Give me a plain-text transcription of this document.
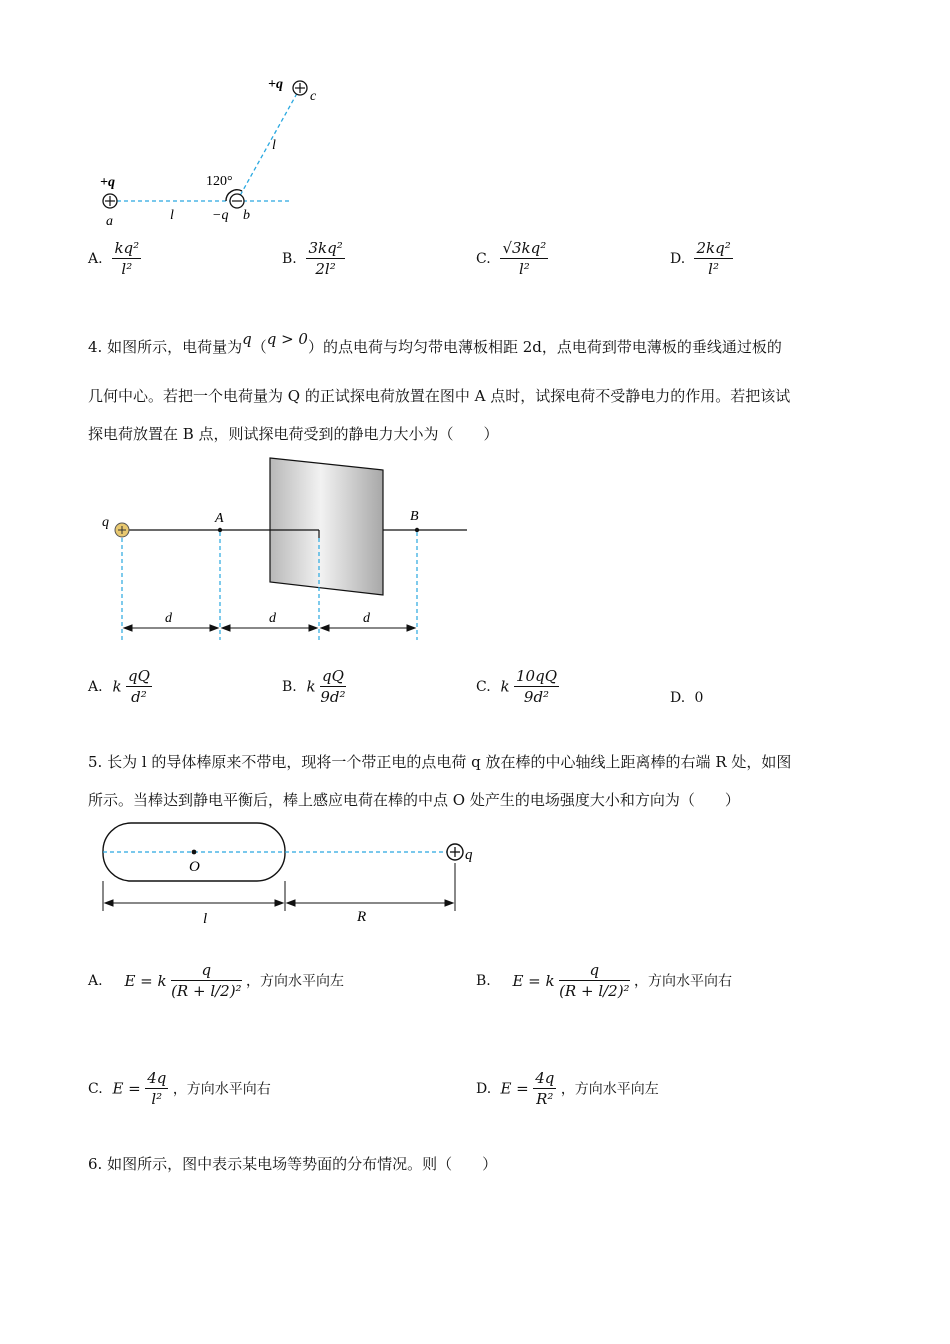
+q
c
l
120°
+q
a	l	−q b
A. $\frac{\text{kq²}}{\text{l²}}$	B. $\frac{\text{3kq²}}{\text{2l²}}$	C. $\frac{\text{√3kq²}}{\text{l²}}$	D. $\frac{\text{2kq²}}{\text{l²}}$
4. 如图所示，电荷量为q（q > 0）的点电荷与均匀带电薄板相距 2d，点电荷到带电薄板的垂线通过板的
几何中心。若把一个电荷量为 Q 的正试探电荷放置在图中 A 点时，试探电荷不受静电力的作用。若把该试
探电荷放置在 B 点，则试探电荷受到的静电力大小为（　　）
q	A	B
d	d	d
A. k $\frac{qQ}{\text{d²}}$	B. k $\frac{qQ}{\text{9d²}}$	C. k $\frac{10qQ}{\text{9d²}}$	D. 0
5. 长为 l 的导体棒原来不带电，现将一个带正电的点电荷 q 放在棒的中心轴线上距离棒的右端 R 处，如图
所示。当棒达到静电平衡后，棒上感应电荷在棒的中点 O 处产生的电场强度大小和方向为（　　）
O
q
l	R
A. E = k $\frac{q}{\text{(R + l/2)²}}$ ，方向水平向左	B. E = k $\frac{q}{\text{(R + l/2)²}}$ ，方向水平向右
C. $E = \frac{4q}{\text{l²}}$ ，方向水平向右	D. $E = \frac{4q}{\text{R²}}$ ，方向水平向左
6. 如图所示，图中表示某电场等势面的分布情况。则（　　）
